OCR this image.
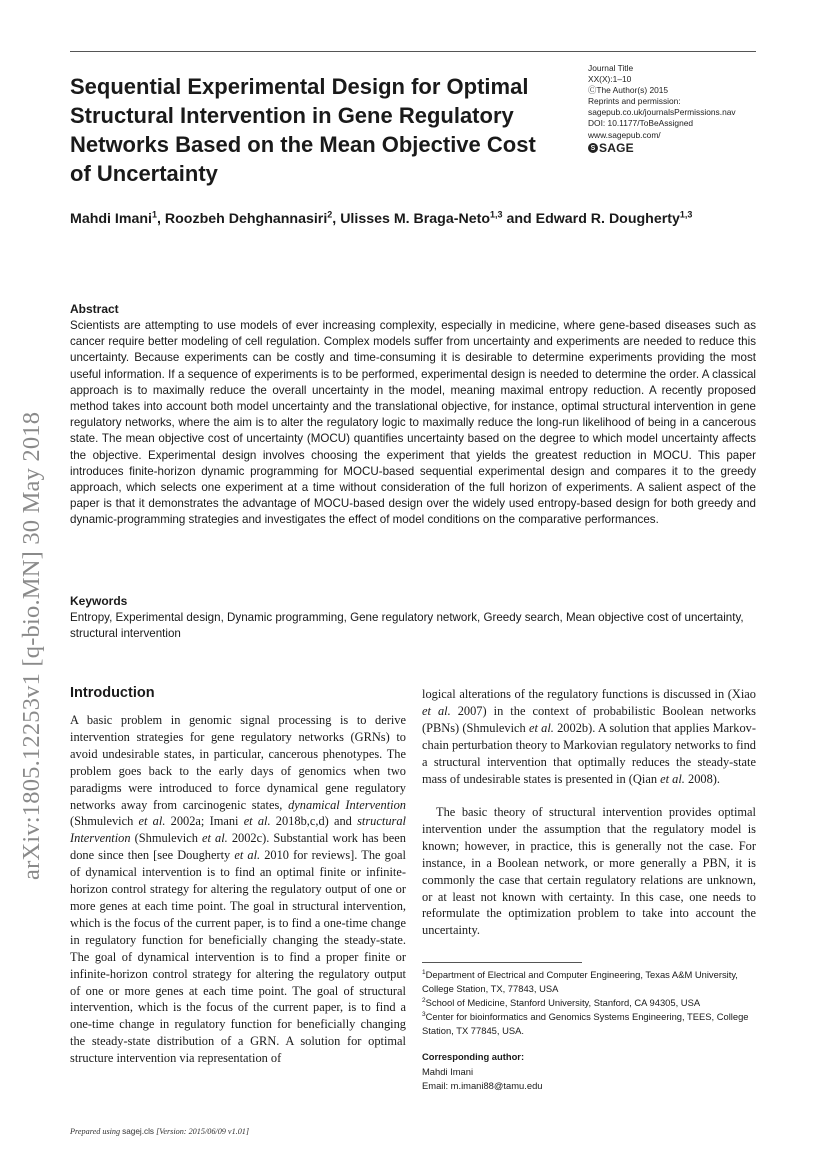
Sequential Experimental Design for Optimal Structural Intervention in Gene Regulatory Networks Based on the Mean Objective Cost of Uncertainty
Journal Title
XX(X):1–10
ⒸThe Author(s) 2015
Reprints and permission:
sagepub.co.uk/journalsPermissions.nav
DOI: 10.1177/ToBeAssigned
www.sagepub.com/
S SAGE
Mahdi Imani$^1$, Roozbeh Dehghannasiri$^2$, Ulisses M. Braga-Neto$^{1,3}$ and Edward R. Dougherty$^{1,3}$
arXiv:1805.12253v1 [q-bio.MN] 30 May 2018
Abstract

Scientists are attempting to use models of ever increasing complexity, especially in medicine, where gene-based diseases such as cancer require better modeling of cell regulation. Complex models suffer from uncertainty and experiments are needed to reduce this uncertainty. Because experiments can be costly and time-consuming it is desirable to determine experiments providing the most useful information. If a sequence of experiments is to be performed, experimental design is needed to determine the order. A classical approach is to maximally reduce the overall uncertainty in the model, meaning maximal entropy reduction. A recently proposed method takes into account both model uncertainty and the translational objective, for instance, optimal structural intervention in gene regulatory networks, where the aim is to alter the regulatory logic to maximally reduce the long-run likelihood of being in a cancerous state. The mean objective cost of uncertainty (MOCU) quantifies uncertainty based on the degree to which model uncertainty affects the objective. Experimental design involves choosing the experiment that yields the greatest reduction in MOCU. This paper introduces finite-horizon dynamic programming for MOCU-based sequential experimental design and compares it to the greedy approach, which selects one experiment at a time without consideration of the full horizon of experiments. A salient aspect of the paper is that it demonstrates the advantage of MOCU-based design over the widely used entropy-based design for both greedy and dynamic-programming strategies and investigates the effect of model conditions on the comparative performances.

Keywords

Entropy, Experimental design, Dynamic programming, Gene regulatory network, Greedy search, Mean objective cost of uncertainty, structural intervention

Introduction

A basic problem in genomic signal processing is to derive intervention strategies for gene regulatory networks (GRNs) to avoid undesirable states, in particular, cancerous phenotypes. The problem goes back to the early days of genomics when two paradigms were introduced to force dynamical gene regulatory networks away from carcinogenic states, dynamical Intervention (Shmulevich et al. 2002a; Imani et al. 2018b,c,d) and structural Intervention (Shmulevich et al. 2002c). Substantial work has been done since then [see Dougherty et al. 2010 for reviews]. The goal of dynamical intervention is to find an optimal finite or infinite-horizon control strategy for altering the regulatory output of one or more genes at each time point. The goal in structural intervention, which is the focus of the current paper, is to find a one-time change in regulatory function for beneficially changing the steady-state. The goal of dynamical intervention is to find a proper finite or infinite-horizon control strategy for altering the regulatory output of one or more genes at each time point. The goal of structural intervention, which is the focus of the current paper, is to find a one-time change in regulatory function for beneficially changing the steady-state distribution of a GRN. A solution for optimal structure intervention via representation of

logical alterations of the regulatory functions is discussed in (Xiao et al. 2007) in the context of probabilistic Boolean networks (PBNs) (Shmulevich et al. 2002b). A solution that applies Markov-chain perturbation theory to Markovian regulatory networks to find a structural intervention that optimally reduces the steady-state mass of undesirable states is presented in (Qian et al. 2008).

The basic theory of structural intervention provides optimal intervention under the assumption that the regulatory model is known; however, in practice, this is generally not the case. For instance, in a Boolean network, or more generally a PBN, it is commonly the case that certain regulatory relations are unknown, or at least not known with certainty. In this case, one needs to reformulate the optimization problem to take into account the uncertainty.

$^1$Department of Electrical and Computer Engineering, Texas A&M University, College Station, TX, 77843, USA
$^2$School of Medicine, Stanford University, Stanford, CA 94305, USA
$^3$Center for bioinformatics and Genomics Systems Engineering, TEES, College Station, TX 77845, USA.
Corresponding author:
Mahdi Imani
Email: m.imani88@tamu.edu
Prepared using sagej.cls [Version: 2015/06/09 v1.01]
